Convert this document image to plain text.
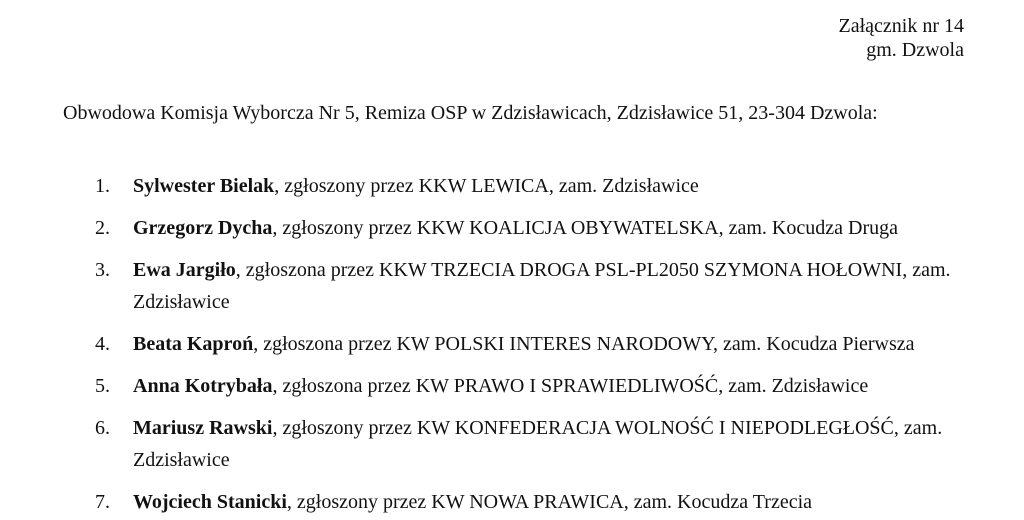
Załącznik nr 14
gm. Dzwola
Obwodowa Komisja Wyborcza Nr 5, Remiza OSP w Zdzisławicach, Zdzisławice 51, 23-304 Dzwola:
1.	Sylwester Bielak, zgłoszony przez KKW LEWICA, zam. Zdzisławice
2.	Grzegorz Dycha, zgłoszony przez KKW KOALICJA OBYWATELSKA, zam. Kocudza Druga
3.	Ewa Jargiło, zgłoszona przez KKW TRZECIA DROGA PSL-PL2050 SZYMONA HOŁOWNI, zam. Zdzisławice
4.	Beata Kaproń, zgłoszona przez KW POLSKI INTERES NARODOWY, zam. Kocudza Pierwsza
5.	Anna Kotrybała, zgłoszona przez KW PRAWO I SPRAWIEDLIWOŚĆ, zam. Zdzisławice
6.	Mariusz Rawski, zgłoszony przez KW KONFEDERACJA WOLNOŚĆ I NIEPODLEGŁOŚĆ, zam. Zdzisławice
7.	Wojciech Stanicki, zgłoszony przez KW NOWA PRAWICA, zam. Kocudza Trzecia
